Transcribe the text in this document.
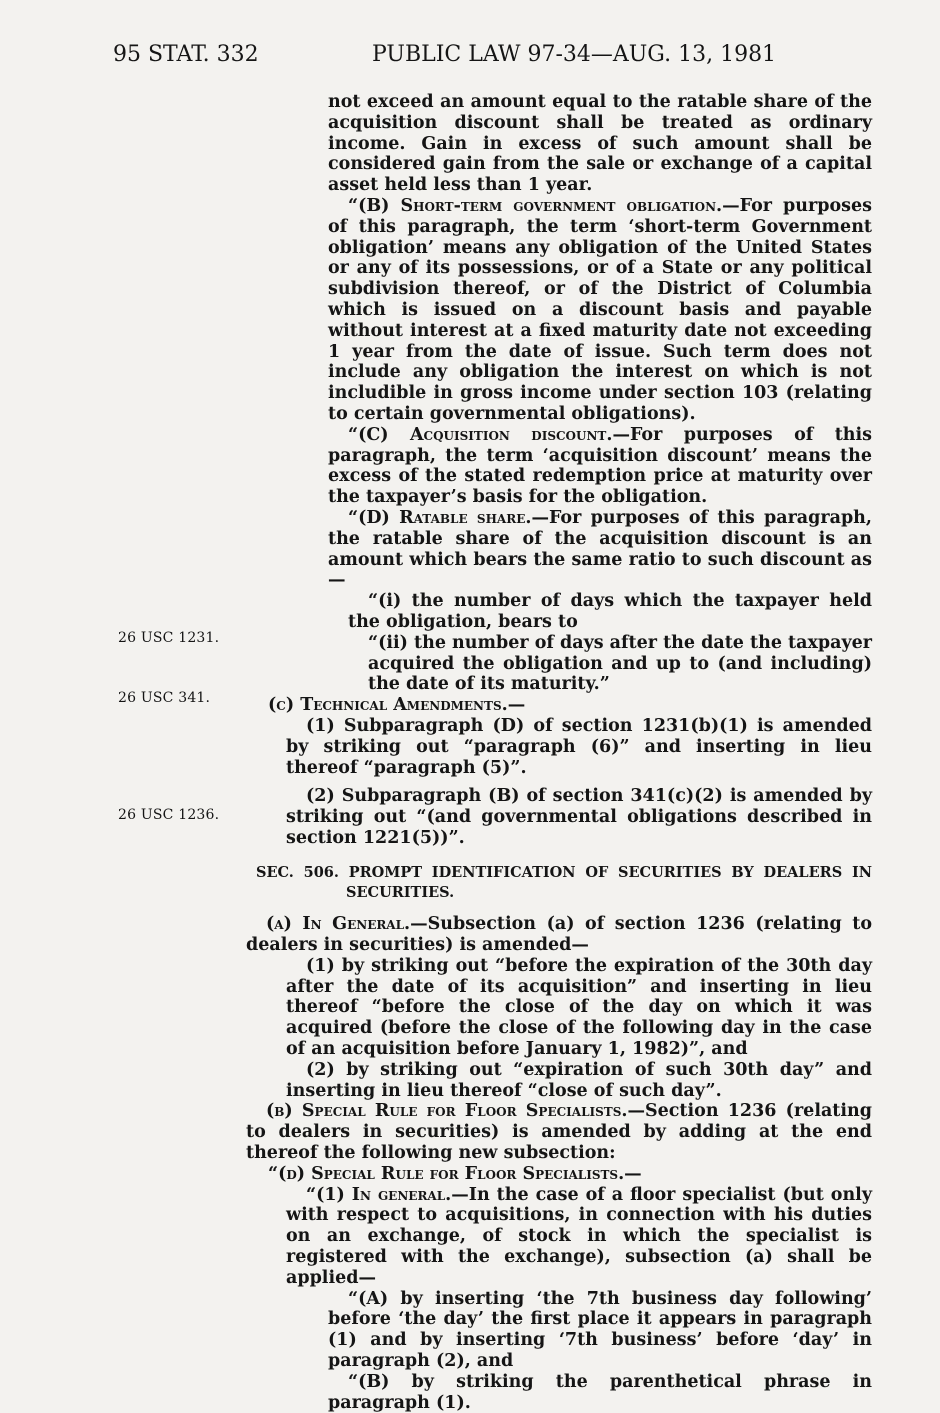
95 STAT. 332	PUBLIC LAW 97-34—AUG. 13, 1981
26 USC 1231.
26 USC 341.
26 USC 1236.

not exceed an amount equal to the ratable share of the acquisition discount shall be treated as ordinary income. Gain in excess of such amount shall be considered gain from the sale or exchange of a capital asset held less than 1 year.

“(B) Short-term government obligation.—For purposes of this paragraph, the term ‘short-term Government obligation’ means any obligation of the United States or any of its possessions, or of a State or any political subdivision thereof, or of the District of Columbia which is issued on a discount basis and payable without interest at a fixed maturity date not exceeding 1 year from the date of issue. Such term does not include any obligation the interest on which is not includible in gross income under section 103 (relating to certain governmental obligations).

“(C) Acquisition discount.—For purposes of this paragraph, the term ‘acquisition discount’ means the excess of the stated redemption price at maturity over the taxpayer’s basis for the obligation.

“(D) Ratable share.—For purposes of this paragraph, the ratable share of the acquisition discount is an amount which bears the same ratio to such discount as—

“(i) the number of days which the taxpayer held the obligation, bears to

“(ii) the number of days after the date the taxpayer acquired the obligation and up to (and including) the date of its maturity.”

(c) Technical Amendments.—

(1) Subparagraph (D) of section 1231(b)(1) is amended by striking out “paragraph (6)” and inserting in lieu thereof “paragraph (5)”.

(2) Subparagraph (B) of section 341(c)(2) is amended by striking out “(and governmental obligations described in section 1221(5))”.

SEC. 506. PROMPT IDENTIFICATION OF SECURITIES BY DEALERS IN SECURITIES.

(a) In General.—Subsection (a) of section 1236 (relating to dealers in securities) is amended—

(1) by striking out “before the expiration of the 30th day after the date of its acquisition” and inserting in lieu thereof “before the close of the day on which it was acquired (before the close of the following day in the case of an acquisition before January 1, 1982)”, and

(2) by striking out “expiration of such 30th day” and inserting in lieu thereof “close of such day”.

(b) Special Rule for Floor Specialists.—Section 1236 (relating to dealers in securities) is amended by adding at the end thereof the following new subsection:

“(d) Special Rule for Floor Specialists.—

“(1) In general.—In the case of a floor specialist (but only with respect to acquisitions, in connection with his duties on an exchange, of stock in which the specialist is registered with the exchange), subsection (a) shall be applied—

“(A) by inserting ‘the 7th business day following’ before ‘the day’ the first place it appears in paragraph (1) and by inserting ‘7th business’ before ‘day’ in paragraph (2), and

“(B) by striking the parenthetical phrase in paragraph (1).
